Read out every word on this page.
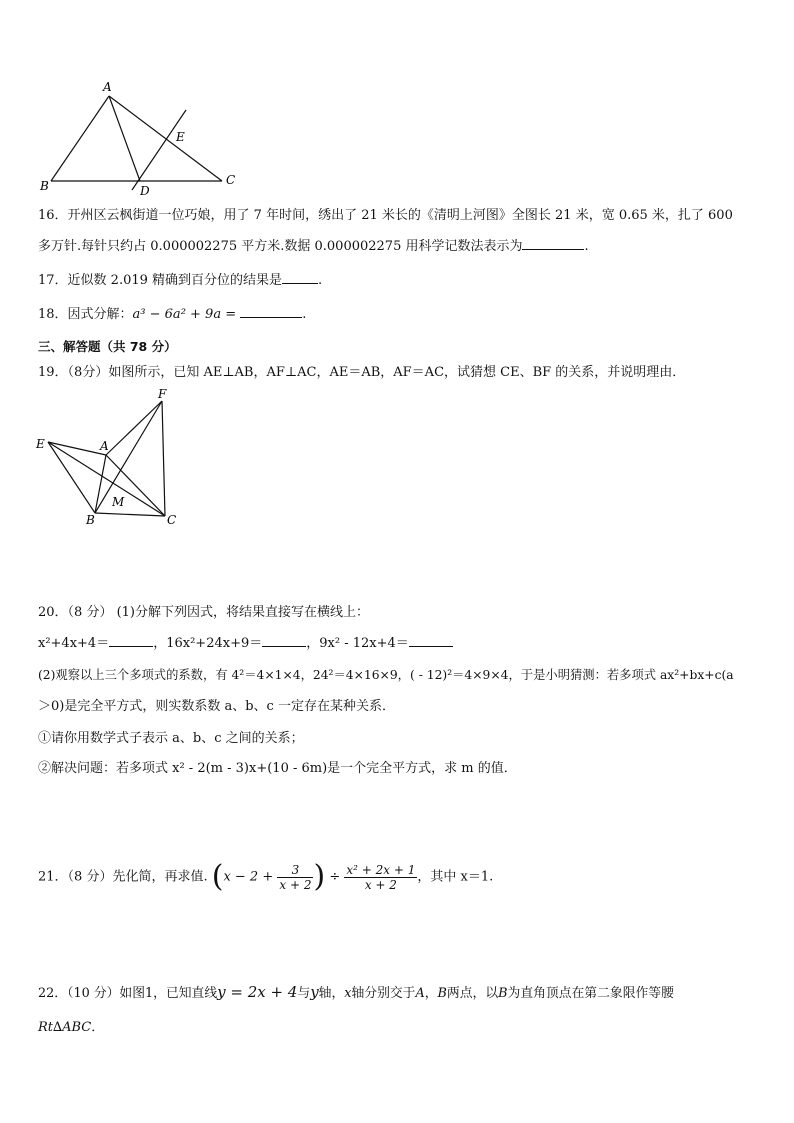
A
B	C
D
E
16．开州区云枫街道一位巧娘，用了 7 年时间，绣出了 21 米长的《清明上河图》全图长 21 米，宽 0.65 米，扎了 600
多万针.每针只约占 0.000002275 平方米.数据 0.000002275 用科学记数法表示为	.
17．近似数 2.019 精确到百分位的结果是	.
18．因式分解：a³ − 6a² + 9a =	.
三、解答题（共 78 分）
19．（8分）如图所示，已知 AE⊥AB，AF⊥AC，AE＝AB，AF＝AC，试猜想 CE、BF 的关系，并说明理由．
E	A
F
B	C
M
20．（8 分） (1)分解下列因式，将结果直接写在横线上：
x²+4x+4＝	，16x²+24x+9＝	，9x² - 12x+4＝
(2)观察以上三个多项式的系数，有 4²＝4×1×4，24²＝4×16×9，( - 12)²＝4×9×4，于是小明猜测：若多项式 ax²+bx+c(a
＞0)是完全平方式，则实数系数 a、b、c 一定存在某种关系．
①请你用数学式子表示 a、b、c 之间的关系；
②解决问题：若多项式 x² - 2(m - 3)x+(10 - 6m)是一个完全平方式，求 m 的值．
21．（8 分）先化简，再求值. ($x - 2 + \frac{3}{x + 2}$ ) ÷ $\frac{\text{x² + 2x + 1}}{x + 2}$ ，其中 x＝1.
22．（10 分）如图1，已知直线y = 2x + 4与y轴，x轴分别交于A，B两点，以B为直角顶点在第二象限作等腰
Rt∆ABC．
